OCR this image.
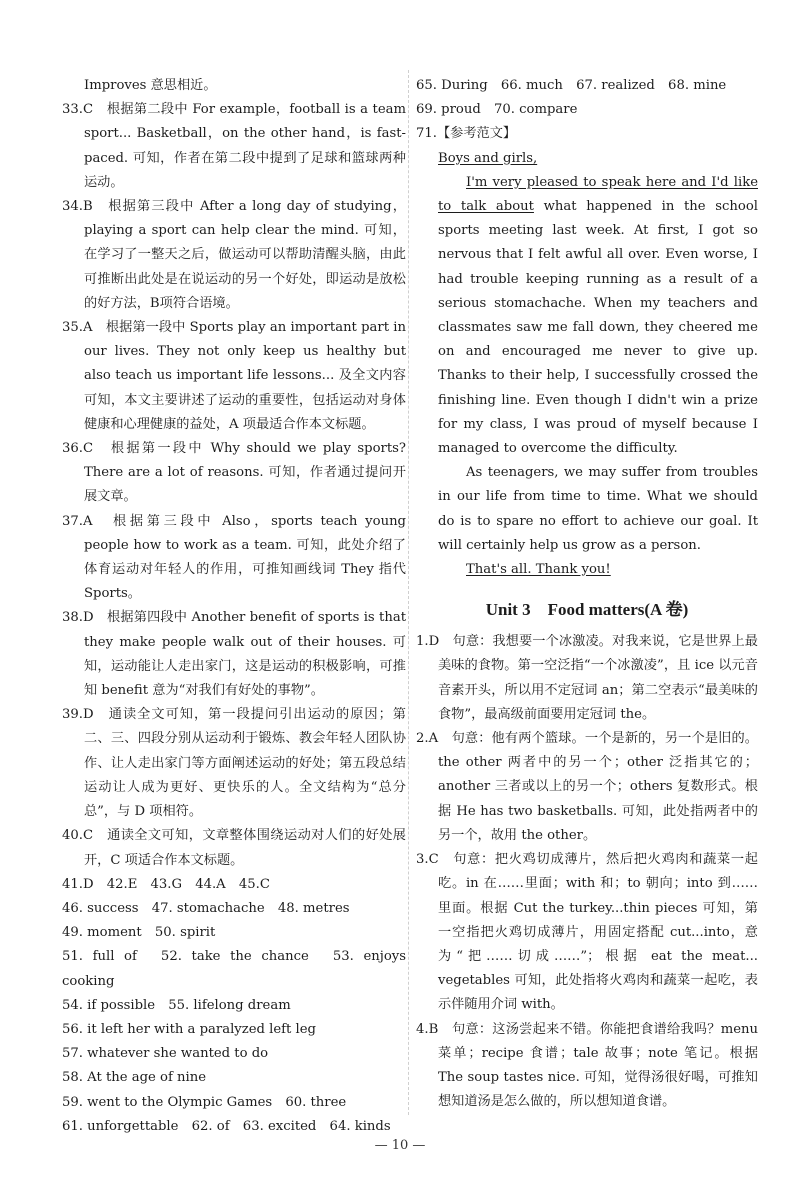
Improves 意思相近。

33.C　根据第二段中 For example，football is a team sport... Basketball，on the other hand，is fast-paced. 可知，作者在第二段中提到了足球和篮球两种运动。

34.B　根据第三段中 After a long day of studying，playing a sport can help clear the mind. 可知，在学习了一整天之后，做运动可以帮助清醒头脑，由此可推断出此处是在说运动的另一个好处，即运动是放松的好方法，B项符合语境。

35.A　根据第一段中 Sports play an important part in our lives. They not only keep us healthy but also teach us important life lessons... 及全文内容可知，本文主要讲述了运动的重要性，包括运动对身体健康和心理健康的益处，A 项最适合作本文标题。

36.C　根据第一段中 Why should we play sports? There are a lot of reasons. 可知，作者通过提问开展文章。

37.A　根据第三段中 Also，sports teach young people how to work as a team. 可知，此处介绍了体育运动对年轻人的作用，可推知画线词 They 指代 Sports。

38.D　根据第四段中 Another benefit of sports is that they make people walk out of their houses. 可知，运动能让人走出家门，这是运动的积极影响，可推知 benefit 意为“对我们有好处的事物”。

39.D　通读全文可知，第一段提问引出运动的原因；第二、三、四段分别从运动利于锻炼、教会年轻人团队协作、让人走出家门等方面阐述运动的好处；第五段总结运动让人成为更好、更快乐的人。全文结构为“总分总”，与 D 项相符。

40.C　通读全文可知，文章整体围绕运动对人们的好处展开，C 项适合作本文标题。

41.D　42.E　43.G　44.A　45.C

46. success　47. stomachache　48. metres

49. moment　50. spirit

51. full of　52. take the chance　53. enjoys cooking

54. if possible　55. lifelong dream

56. it left her with a paralyzed left leg

57. whatever she wanted to do

58. At the age of nine

59. went to the Olympic Games　60. three

61. unforgettable　62. of　63. excited　64. kinds

65. During　66. much　67. realized　68. mine

69. proud　70. compare

71.【参考范文】

Boys and girls,

I'm very pleased to speak here and I'd like to talk about what happened in the school sports meeting last week. At first, I got so nervous that I felt awful all over. Even worse, I had trouble keeping running as a result of a serious stomachache. When my teachers and classmates saw me fall down, they cheered me on and encouraged me never to give up. Thanks to their help, I successfully crossed the finishing line. Even though I didn't win a prize for my class, I was proud of myself because I managed to overcome the difficulty.

As teenagers, we may suffer from troubles in our life from time to time. What we should do is to spare no effort to achieve our goal. It will certainly help us grow as a person.

That's all. Thank you!

Unit 3　Food matters(A 卷)

1.D　句意：我想要一个冰激凌。对我来说，它是世界上最美味的食物。第一空泛指“一个冰激凌”，且 ice 以元音音素开头，所以用不定冠词 an；第二空表示“最美味的食物”，最高级前面要用定冠词 the。

2.A　句意：他有两个篮球。一个是新的，另一个是旧的。the other 两者中的另一个；other 泛指其它的；another 三者或以上的另一个；others 复数形式。根据 He has two basketballs. 可知，此处指两者中的另一个，故用 the other。

3.C　句意：把火鸡切成薄片，然后把火鸡肉和蔬菜一起吃。in 在……里面；with 和；to 朝向；into 到……里面。根据 Cut the turkey...thin pieces 可知，第一空指把火鸡切成薄片，用固定搭配 cut...into，意为“把……切成……”；根据 eat the meat... vegetables 可知，此处指将火鸡肉和蔬菜一起吃，表示伴随用介词 with。

4.B　句意：这汤尝起来不错。你能把食谱给我吗？menu 菜单；recipe 食谱；tale 故事；note 笔记。根据 The soup tastes nice. 可知，觉得汤很好喝，可推知想知道汤是怎么做的，所以想知道食谱。

— 10 —
